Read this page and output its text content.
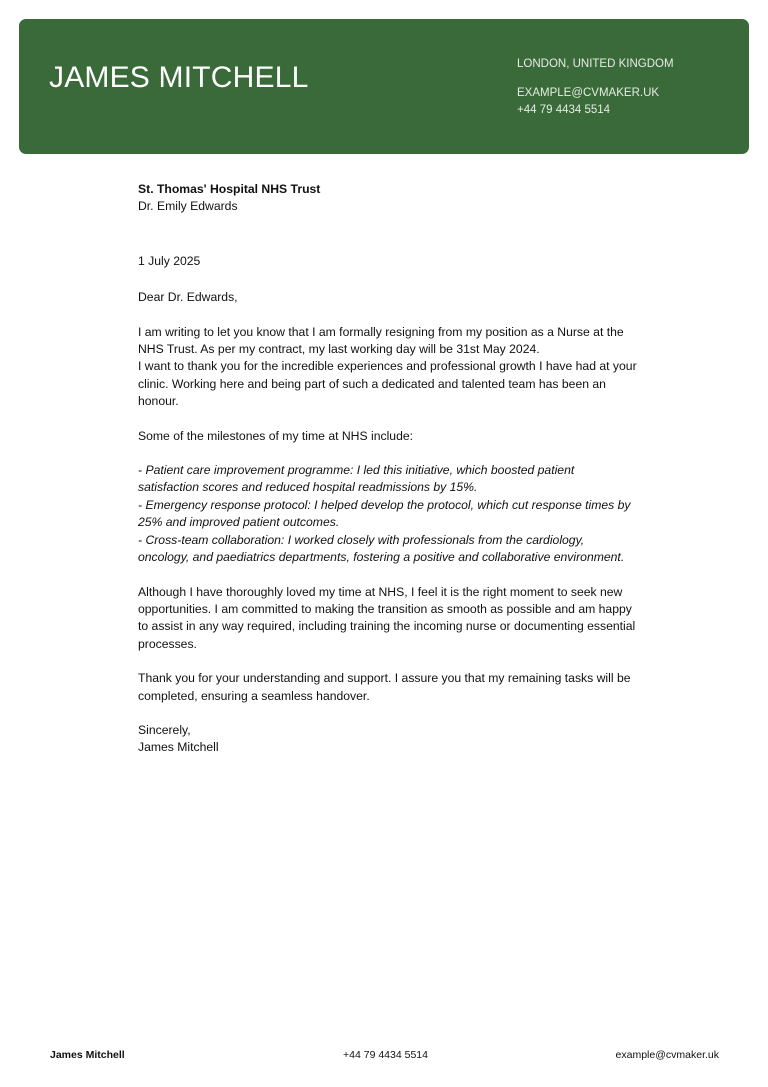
JAMES MITCHELL	LONDON, UNITED KINGDOM
EXAMPLE@CVMAKER.UK
+44 79 4434 5514

St. Thomas' Hospital NHS Trust

Dr. Emily Edwards

1 July 2025

Dear Dr. Edwards,

I am writing to let you know that I am formally resigning from my position as a Nurse at the NHS Trust. As per my contract, my last working day will be 31st May 2024.

I want to thank you for the incredible experiences and professional growth I have had at your clinic. Working here and being part of such a dedicated and talented team has been an honour.

Some of the milestones of my time at NHS include:

- Patient care improvement programme: I led this initiative, which boosted patient satisfaction scores and reduced hospital readmissions by 15%.

- Emergency response protocol: I helped develop the protocol, which cut response times by 25% and improved patient outcomes.

- Cross-team collaboration: I worked closely with professionals from the cardiology, oncology, and paediatrics departments, fostering a positive and collaborative environment.

Although I have thoroughly loved my time at NHS, I feel it is the right moment to seek new opportunities. I am committed to making the transition as smooth as possible and am happy to assist in any way required, including training the incoming nurse or documenting essential processes.

Thank you for your understanding and support. I assure you that my remaining tasks will be completed, ensuring a seamless handover.

Sincerely,

James Mitchell

James Mitchell	+44 79 4434 5514	example@cvmaker.uk
